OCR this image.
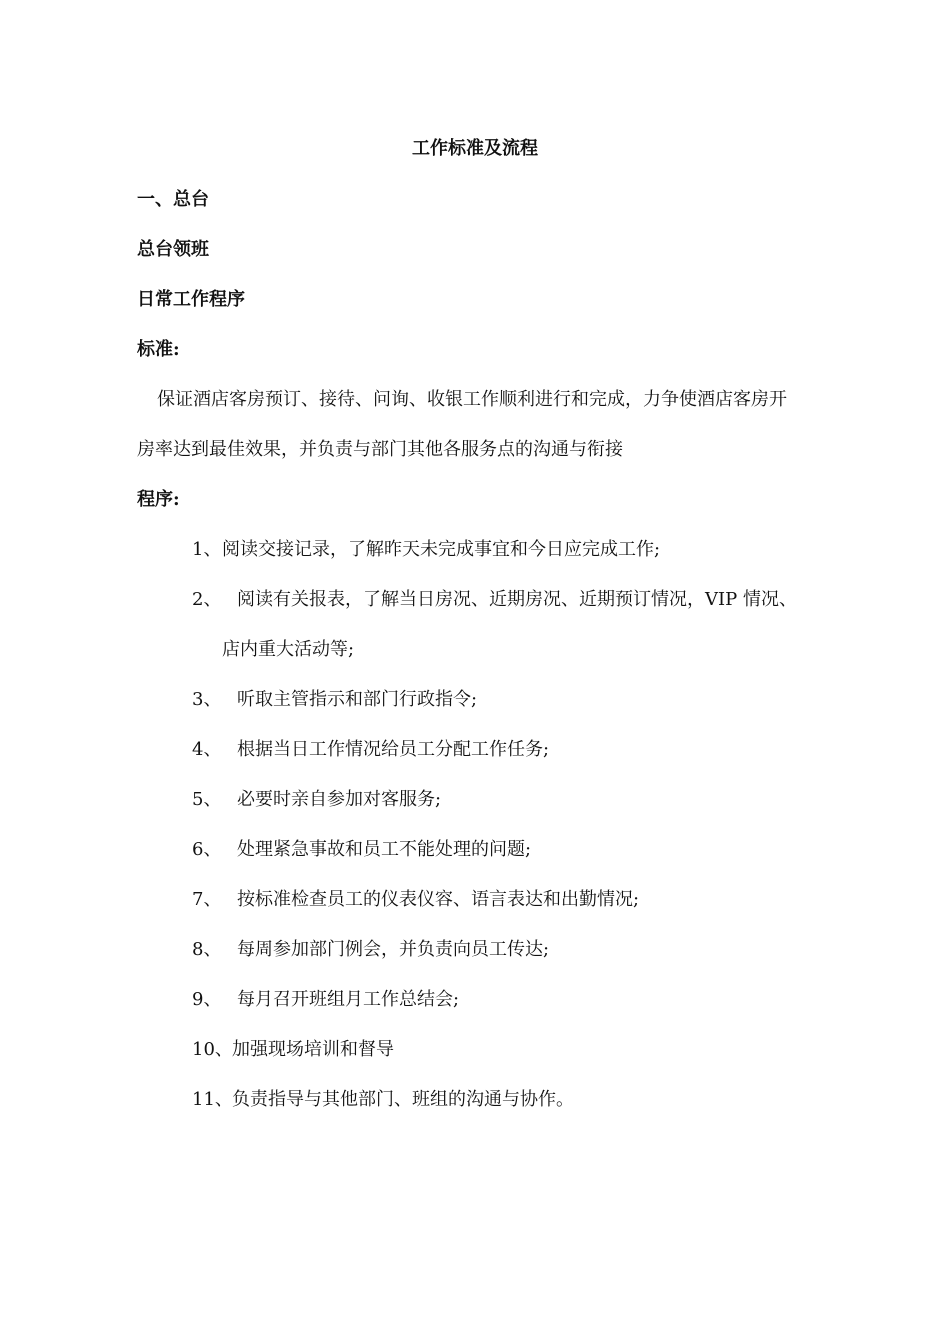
工作标准及流程
一、总台
总台领班
日常工作程序
标准:
保证酒店客房预订、接待、问询、收银工作顺利进行和完成，力争使酒店客房开
房率达到最佳效果，并负责与部门其他各服务点的沟通与衔接
程序:
1、 阅读交接记录，了解昨天未完成事宜和今日应完成工作;
2、 阅读有关报表，了解当日房况、近期房况、近期预订情况，VIP 情况、
店内重大活动等;
3、 听取主管指示和部门行政指令;
4、 根据当日工作情况给员工分配工作任务;
5、 必要时亲自参加对客服务;
6、 处理紧急事故和员工不能处理的问题;
7、 按标准检查员工的仪表仪容、语言表达和出勤情况;
8、 每周参加部门例会，并负责向员工传达;
9、 每月召开班组月工作总结会;
10、 加强现场培训和督导
11、 负责指导与其他部门、班组的沟通与协作。
